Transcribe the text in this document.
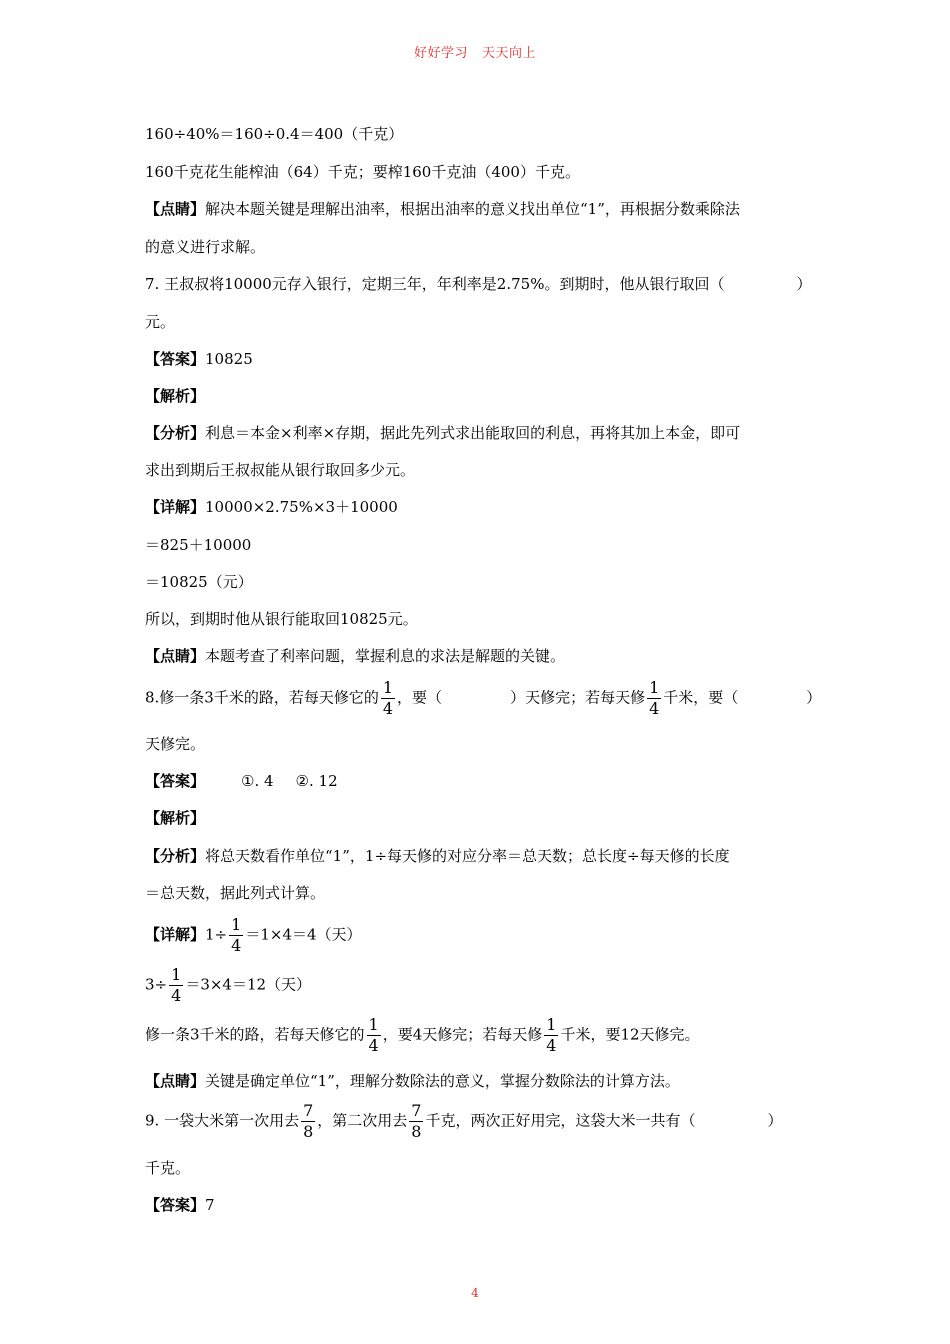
好好学习 天天向上
160÷40%＝160÷0.4＝400（千克）
160千克花生能榨油（64）千克；要榨160千克油（400）千克。
【点睛】解决本题关键是理解出油率，根据出油率的意义找出单位“1”，再根据分数乘除法
的意义进行求解。
7. 王叔叔将10000元存入银行，定期三年，年利率是2.75%。到期时，他从银行取回（	）
元。
【答案】10825
【解析】
【分析】利息＝本金×利率×存期，据此先列式求出能取回的利息，再将其加上本金，即可
求出到期后王叔叔能从银行取回多少元。
【详解】10000×2.75%×3＋10000
＝825＋10000
＝10825（元）
所以，到期时他从银行能取回10825元。
【点睛】本题考查了利率问题，掌握利息的求法是解题的关键。
8.修一条3千米的路，若每天修它的 $\frac{1}{4}$ ，要（	）天修完；若每天修 $\frac{1}{4}$ 千米，要（	）
天修完。
【答案】 ①. 4 ②. 12
【解析】
【分析】将总天数看作单位“1”，1÷每天修的对应分率＝总天数；总长度÷每天修的长度
＝总天数，据此列式计算。
【详解】$1\div \frac{1}{4} =1\times 4=4$（天）
$3\div \frac{1}{4} =3\times 4=12$（天）
修一条3千米的路，若每天修它的 $\frac{1}{4}$ ，要4天修完；若每天修 $\frac{1}{4}$ 千米，要12天修完。
【点睛】关键是确定单位“1”，理解分数除法的意义，掌握分数除法的计算方法。
9. 一袋大米第一次用去 $\frac{7}{8}$ ，第二次用去 $\frac{7}{8}$ 千克，两次正好用完，这袋大米一共有（	）
千克。
【答案】7
4
